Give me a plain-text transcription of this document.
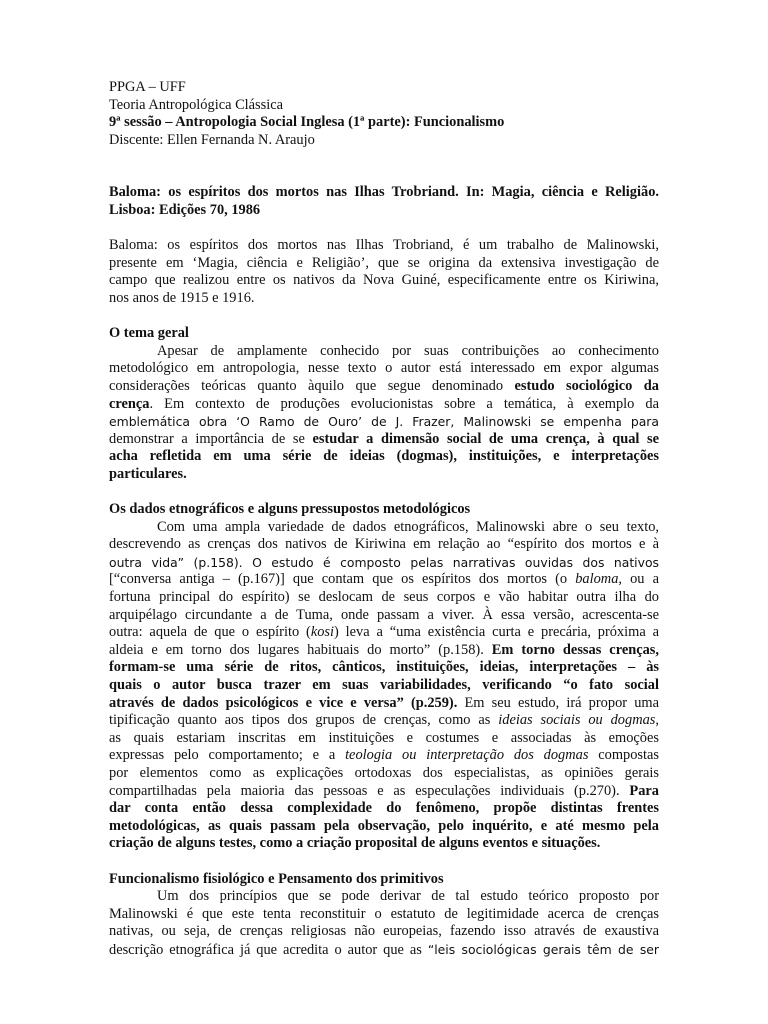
PPGA – UFF
Teoria Antropológica Clássica
9ª sessão – Antropologia Social Inglesa (1ª parte): Funcionalismo
Discente: Ellen Fernanda N. Araujo
Baloma: os espíritos dos mortos nas Ilhas Trobriand. In: Magia, ciência e Religião.
Lisboa: Edições 70, 1986
Baloma: os espíritos dos mortos nas Ilhas Trobriand, é um trabalho de Malinowski,
presente em ‘Magia, ciência e Religião’, que se origina da extensiva investigação de
campo que realizou entre os nativos da Nova Guiné, especificamente entre os Kiriwina,
nos anos de 1915 e 1916.
O tema geral
Apesar de amplamente conhecido por suas contribuições ao conhecimento
metodológico em antropologia, nesse texto o autor está interessado em expor algumas
considerações teóricas quanto àquilo que segue denominado estudo sociológico da
crença. Em contexto de produções evolucionistas sobre a temática, à exemplo da
emblemática obra ‘O Ramo de Ouro’ de J. Frazer, Malinowski se empenha para
demonstrar a importância de se estudar a dimensão social de uma crença, à qual se
acha refletida em uma série de ideias (dogmas), instituições, e interpretações
particulares.
Os dados etnográficos e alguns pressupostos metodológicos
Com uma ampla variedade de dados etnográficos, Malinowski abre o seu texto,
descrevendo as crenças dos nativos de Kiriwina em relação ao “espírito dos mortos e à
outra vida” (p.158). O estudo é composto pelas narrativas ouvidas dos nativos
[“conversa antiga – (p.167)] que contam que os espíritos dos mortos (o baloma, ou a
fortuna principal do espírito) se deslocam de seus corpos e vão habitar outra ilha do
arquipélago circundante a de Tuma, onde passam a viver. À essa versão, acrescenta-se
outra: aquela de que o espírito (kosi) leva a “uma existência curta e precária, próxima a
aldeia e em torno dos lugares habituais do morto” (p.158). Em torno dessas crenças,
formam-se uma série de ritos, cânticos, instituições, ideias, interpretações – às
quais o autor busca trazer em suas variabilidades, verificando “o fato social
através de dados psicológicos e vice e versa” (p.259). Em seu estudo, irá propor uma
tipificação quanto aos tipos dos grupos de crenças, como as ideias sociais ou dogmas,
as quais estariam inscritas em instituições e costumes e associadas às emoções
expressas pelo comportamento; e a teologia ou interpretação dos dogmas compostas
por elementos como as explicações ortodoxas dos especialistas, as opiniões gerais
compartilhadas pela maioria das pessoas e as especulações individuais (p.270). Para
dar conta então dessa complexidade do fenômeno, propõe distintas frentes
metodológicas, as quais passam pela observação, pelo inquérito, e até mesmo pela
criação de alguns testes, como a criação proposital de alguns eventos e situações.
Funcionalismo fisiológico e Pensamento dos primitivos
Um dos princípios que se pode derivar de tal estudo teórico proposto por
Malinowski é que este tenta reconstituir o estatuto de legitimidade acerca de crenças
nativas, ou seja, de crenças religiosas não europeias, fazendo isso através de exaustiva
descrição etnográfica já que acredita o autor que as “leis sociológicas gerais têm de ser
